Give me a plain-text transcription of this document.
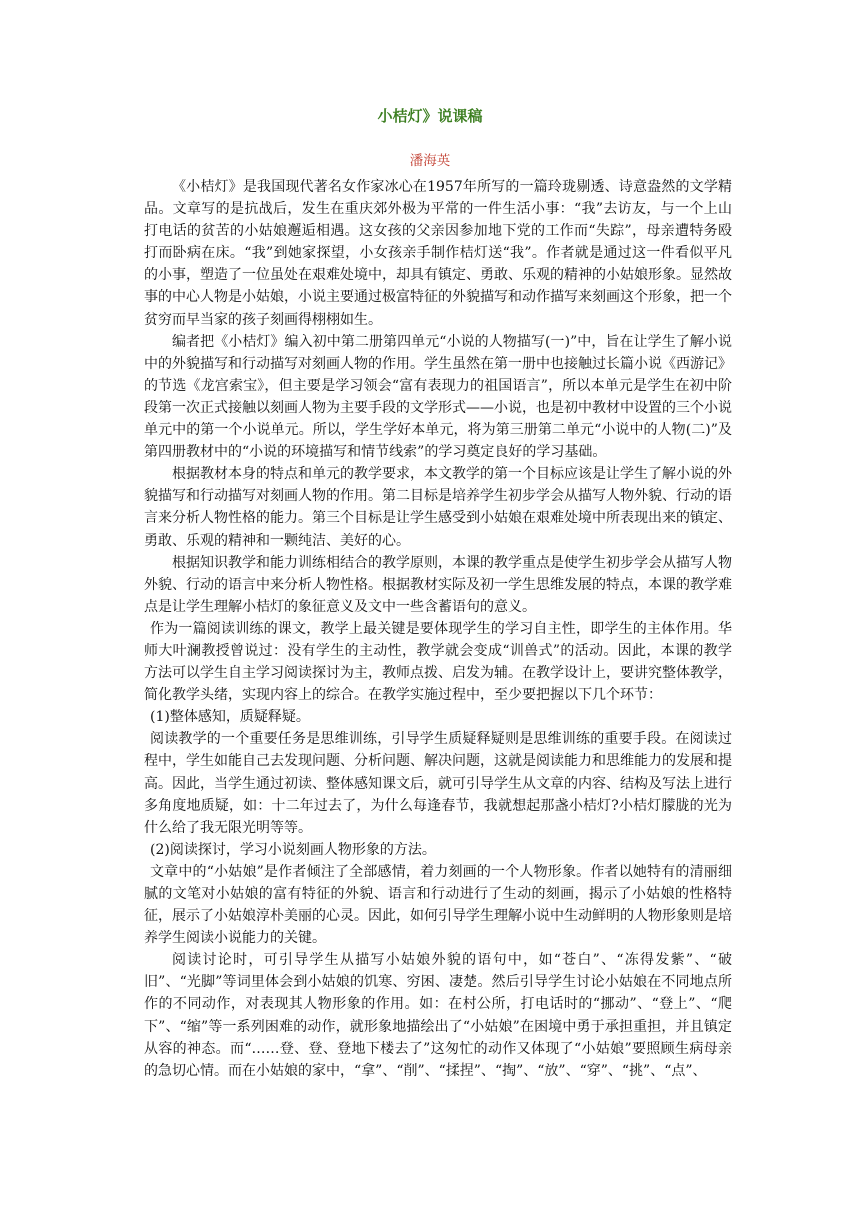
小桔灯》说课稿
潘海英

《小桔灯》是我国现代著名女作家冰心在1957年所写的一篇玲珑剔透、诗意盎然的文学精品。文章写的是抗战后，发生在重庆郊外极为平常的一件生活小事：“我”去访友，与一个上山打电话的贫苦的小姑娘邂逅相遇。这女孩的父亲因参加地下党的工作而“失踪”，母亲遭特务殴打而卧病在床。“我”到她家探望，小女孩亲手制作桔灯送“我”。作者就是通过这一件看似平凡的小事，塑造了一位虽处在艰难处境中，却具有镇定、勇敢、乐观的精神的小姑娘形象。显然故事的中心人物是小姑娘，小说主要通过极富特征的外貌描写和动作描写来刻画这个形象，把一个贫穷而早当家的孩子刻画得栩栩如生。

编者把《小桔灯》编入初中第二册第四单元“小说的人物描写(一)”中，旨在让学生了解小说中的外貌描写和行动描写对刻画人物的作用。学生虽然在第一册中也接触过长篇小说《西游记》的节选《龙宫索宝》，但主要是学习领会“富有表现力的祖国语言”，所以本单元是学生在初中阶段第一次正式接触以刻画人物为主要手段的文学形式——小说，也是初中教材中设置的三个小说单元中的第一个小说单元。所以，学生学好本单元，将为第三册第二单元“小说中的人物(二)”及第四册教材中的“小说的环境描写和情节线索”的学习奠定良好的学习基础。

根据教材本身的特点和单元的教学要求，本文教学的第一个目标应该是让学生了解小说的外貌描写和行动描写对刻画人物的作用。第二目标是培养学生初步学会从描写人物外貌、行动的语言来分析人物性格的能力。第三个目标是让学生感受到小姑娘在艰难处境中所表现出来的镇定、勇敢、乐观的精神和一颗纯洁、美好的心。

根据知识教学和能力训练相结合的教学原则，本课的教学重点是使学生初步学会从描写人物外貌、行动的语言中来分析人物性格。根据教材实际及初一学生思维发展的特点，本课的教学难点是让学生理解小桔灯的象征意义及文中一些含蓄语句的意义。

作为一篇阅读训练的课文，教学上最关键是要体现学生的学习自主性，即学生的主体作用。华师大叶澜教授曾说过：没有学生的主动性，教学就会变成“训兽式”的活动。因此，本课的教学方法可以学生自主学习阅读探讨为主，教师点拨、启发为辅。在教学设计上，要讲究整体教学，简化教学头绪，实现内容上的综合。在教学实施过程中，至少要把握以下几个环节：

(1)整体感知，质疑释疑。

阅读教学的一个重要任务是思维训练，引导学生质疑释疑则是思维训练的重要手段。在阅读过程中，学生如能自己去发现问题、分析问题、解决问题，这就是阅读能力和思维能力的发展和提高。因此，当学生通过初读、整体感知课文后，就可引导学生从文章的内容、结构及写法上进行多角度地质疑，如：十二年过去了，为什么每逢春节，我就想起那盏小桔灯?小桔灯朦胧的光为什么给了我无限光明等等。

(2)阅读探讨，学习小说刻画人物形象的方法。

文章中的“小姑娘”是作者倾注了全部感情，着力刻画的一个人物形象。作者以她特有的清丽细腻的文笔对小姑娘的富有特征的外貌、语言和行动进行了生动的刻画，揭示了小姑娘的性格特征，展示了小姑娘淳朴美丽的心灵。因此，如何引导学生理解小说中生动鲜明的人物形象则是培养学生阅读小说能力的关键。

阅读讨论时，可引导学生从描写小姑娘外貌的语句中，如“苍白”、“冻得发紫”、“破旧”、“光脚”等词里体会到小姑娘的饥寒、穷困、凄楚。然后引导学生讨论小姑娘在不同地点所作的不同动作，对表现其人物形象的作用。如：在村公所，打电话时的“挪动”、“登上”、“爬下”、“缩”等一系列困难的动作，就形象地描绘出了“小姑娘”在困境中勇于承担重担，并且镇定从容的神态。而“……登、登、登地下楼去了”这匆忙的动作又体现了“小姑娘”要照顾生病母亲的急切心情。而在小姑娘的家中，“拿”、“削”、“揉捏”、“掏”、“放”、“穿”、“挑”、“点”、
